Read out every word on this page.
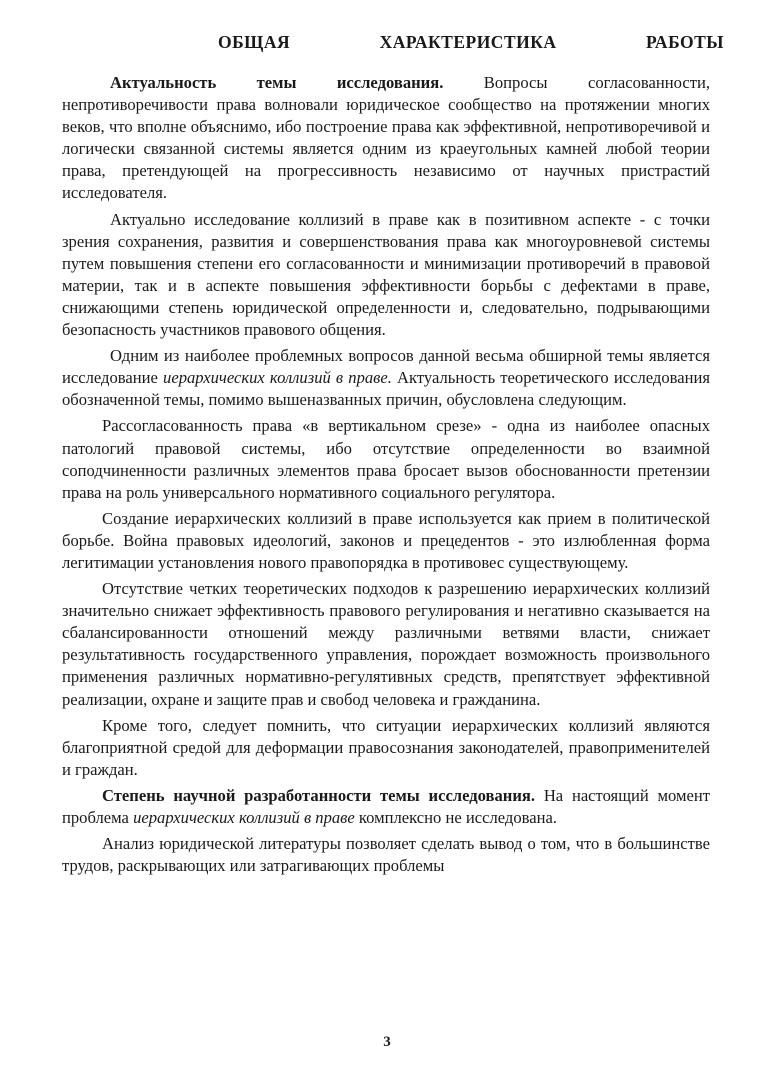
ОБЩАЯ	ХАРАКТЕРИСТИКА	РАБОТЫ

Актуальность темы исследования. Вопросы согласованности, непротиворечивости права волновали юридическое сообщество на протяжении многих веков, что вполне объяснимо, ибо построение права как эффективной, непротиворечивой и логически связанной системы является одним из краеугольных камней любой теории права, претендующей на прогрессивность независимо от научных пристрастий исследователя.

Актуально исследование коллизий в праве как в позитивном аспекте - с точки зрения сохранения, развития и совершенствования права как многоуровневой системы путем повышения степени его согласованности и минимизации противоречий в правовой материи, так и в аспекте повышения эффективности борьбы с дефектами в праве, снижающими степень юридической определенности и, следовательно, подрывающими безопасность участников правового общения.

Одним из наиболее проблемных вопросов данной весьма обширной темы является исследование иерархических коллизий в праве. Актуальность теоретического исследования обозначенной темы, помимо вышеназванных причин, обусловлена следующим.

Рассогласованность права «в вертикальном срезе» - одна из наиболее опасных патологий правовой системы, ибо отсутствие определенности во взаимной соподчиненности различных элементов права бросает вызов обоснованности претензии права на роль универсального нормативного социального регулятора.

Создание иерархических коллизий в праве используется как прием в политической борьбе. Война правовых идеологий, законов и прецедентов - это излюбленная форма легитимации установления нового правопорядка в противовес существующему.

Отсутствие четких теоретических подходов к разрешению иерархических коллизий значительно снижает эффективность правового регулирования и негативно сказывается на сбалансированности отношений между различными ветвями власти, снижает результативность государственного управления, порождает возможность произвольного применения различных нормативно-регулятивных средств, препятствует эффективной реализации, охране и защите прав и свобод человека и гражданина.

Кроме того, следует помнить, что ситуации иерархических коллизий являются благоприятной средой для деформации правосознания законодателей, правоприменителей и граждан.

Степень научной разработанности темы исследования. На настоящий момент проблема иерархических коллизий в праве комплексно не исследована.

Анализ юридической литературы позволяет сделать вывод о том, что в большинстве трудов, раскрывающих или затрагивающих проблемы

3
